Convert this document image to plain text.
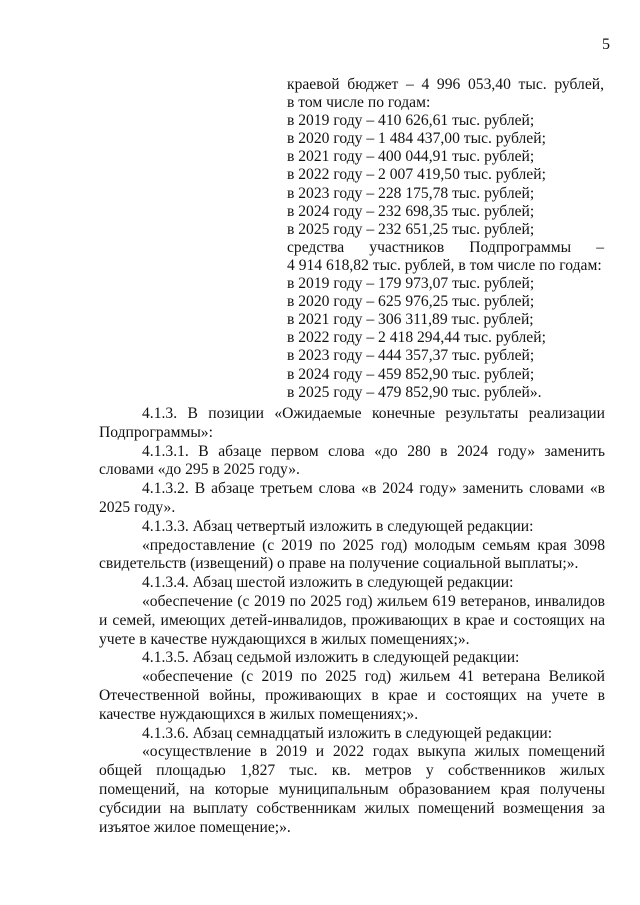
5
краевой бюджет – 4 996 053,40 тыс. рублей,
в том числе по годам:
в 2019 году – 410 626,61 тыс. рублей;
в 2020 году – 1 484 437,00 тыс. рублей;
в 2021 году – 400 044,91 тыс. рублей;
в 2022 году – 2 007 419,50 тыс. рублей;
в 2023 году – 228 175,78 тыс. рублей;
в 2024 году – 232 698,35 тыс. рублей;
в 2025 году – 232 651,25 тыс. рублей;
средства участников Подпрограммы –
4 914 618,82 тыс. рублей, в том числе по годам:
в 2019 году – 179 973,07 тыс. рублей;
в 2020 году – 625 976,25 тыс. рублей;
в 2021 году – 306 311,89 тыс. рублей;
в 2022 году – 2 418 294,44 тыс. рублей;
в 2023 году – 444 357,37 тыс. рублей;
в 2024 году – 459 852,90 тыс. рублей;
в 2025 году – 479 852,90 тыс. рублей».

4.1.3. В позиции «Ожидаемые конечные результаты реализации Подпрограммы»:

4.1.3.1. В абзаце первом слова «до 280 в 2024 году» заменить словами «до 295 в 2025 году».

4.1.3.2. В абзаце третьем слова «в 2024 году» заменить словами «в 2025 году».

4.1.3.3. Абзац четвертый изложить в следующей редакции:

«предоставление (с 2019 по 2025 год) молодым семьям края 3098 свидетельств (извещений) о праве на получение социальной выплаты;».

4.1.3.4. Абзац шестой изложить в следующей редакции:

«обеспечение (с 2019 по 2025 год) жильем 619 ветеранов, инвалидов и семей, имеющих детей-инвалидов, проживающих в крае и состоящих на учете в качестве нуждающихся в жилых помещениях;».

4.1.3.5. Абзац седьмой изложить в следующей редакции:

«обеспечение (с 2019 по 2025 год) жильем 41 ветерана Великой Отечественной войны, проживающих в крае и состоящих на учете в качестве нуждающихся в жилых помещениях;».

4.1.3.6. Абзац семнадцатый изложить в следующей редакции:

«осуществление в 2019 и 2022 годах выкупа жилых помещений общей площадью 1,827 тыс. кв. метров у собственников жилых помещений, на которые муниципальным образованием края получены субсидии на выплату собственникам жилых помещений возмещения за изъятое жилое помещение;».
